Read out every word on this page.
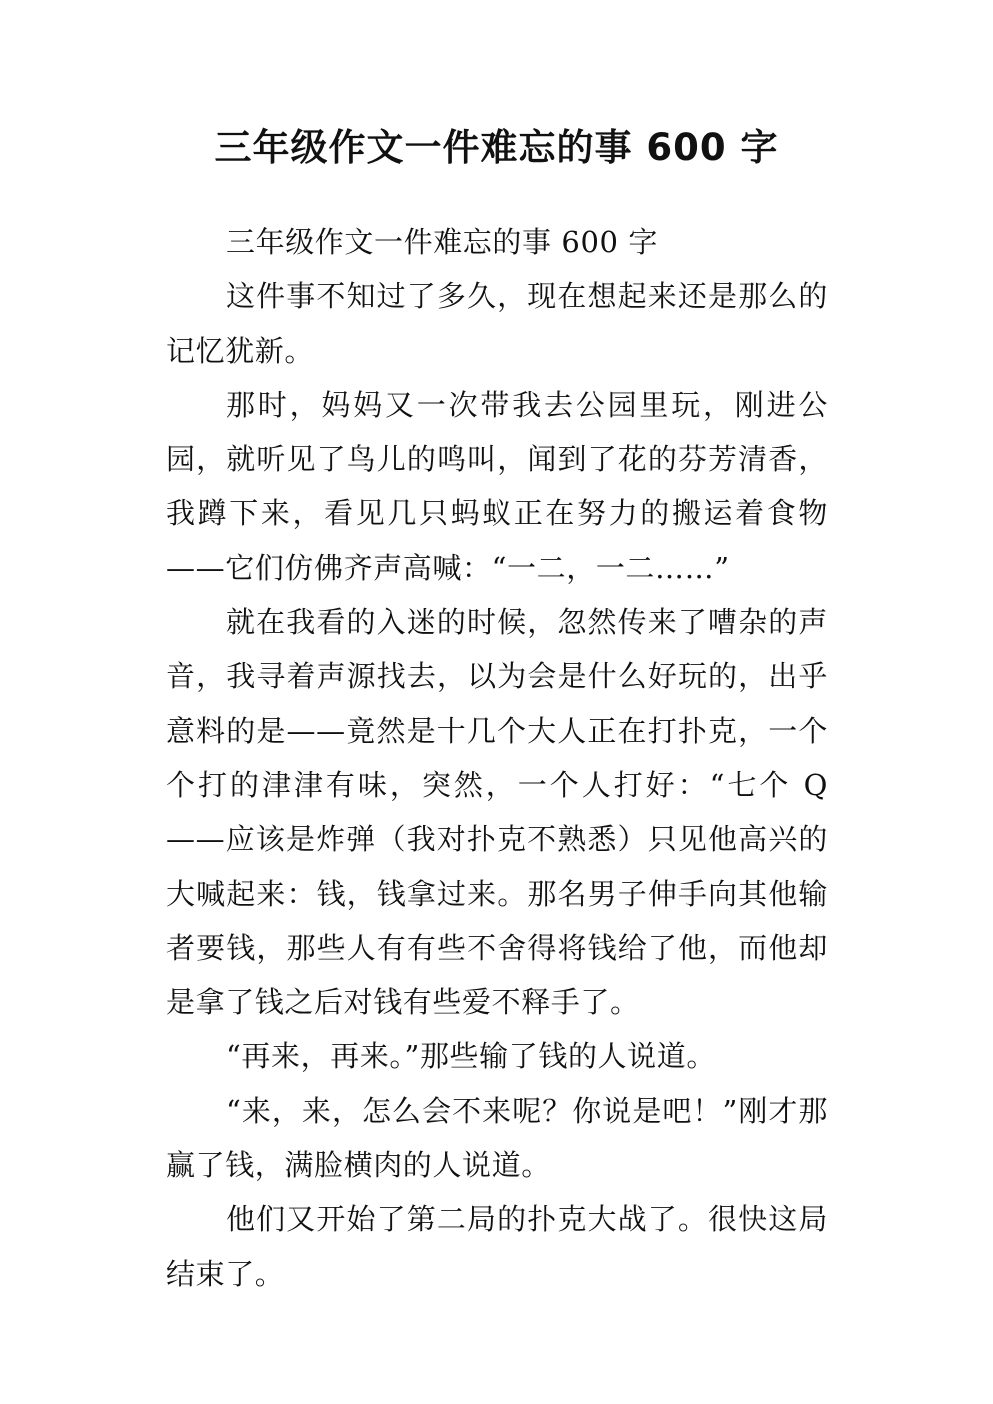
三年级作文一件难忘的事 600 字

三年级作文一件难忘的事 600 字

这件事不知过了多久，现在想起来还是那么的记忆犹新。

那时，妈妈又一次带我去公园里玩，刚进公园，就听见了鸟儿的鸣叫，闻到了花的芬芳清香，我蹲下来，看见几只蚂蚁正在努力的搬运着食物——它们仿佛齐声高喊：“一二，一二……”

就在我看的入迷的时候，忽然传来了嘈杂的声音，我寻着声源找去，以为会是什么好玩的，出乎意料的是——竟然是十几个大人正在打扑克，一个个打的津津有味，突然，一个人打好：“七个 Q——应该是炸弹（我对扑克不熟悉）只见他高兴的大喊起来：钱，钱拿过来。那名男子伸手向其他输者要钱，那些人有有些不舍得将钱给了他，而他却是拿了钱之后对钱有些爱不释手了。

“再来，再来。”那些输了钱的人说道。

“来，来，怎么会不来呢？你说是吧！”刚才那赢了钱，满脸横肉的人说道。

他们又开始了第二局的扑克大战了。很快这局结束了。
